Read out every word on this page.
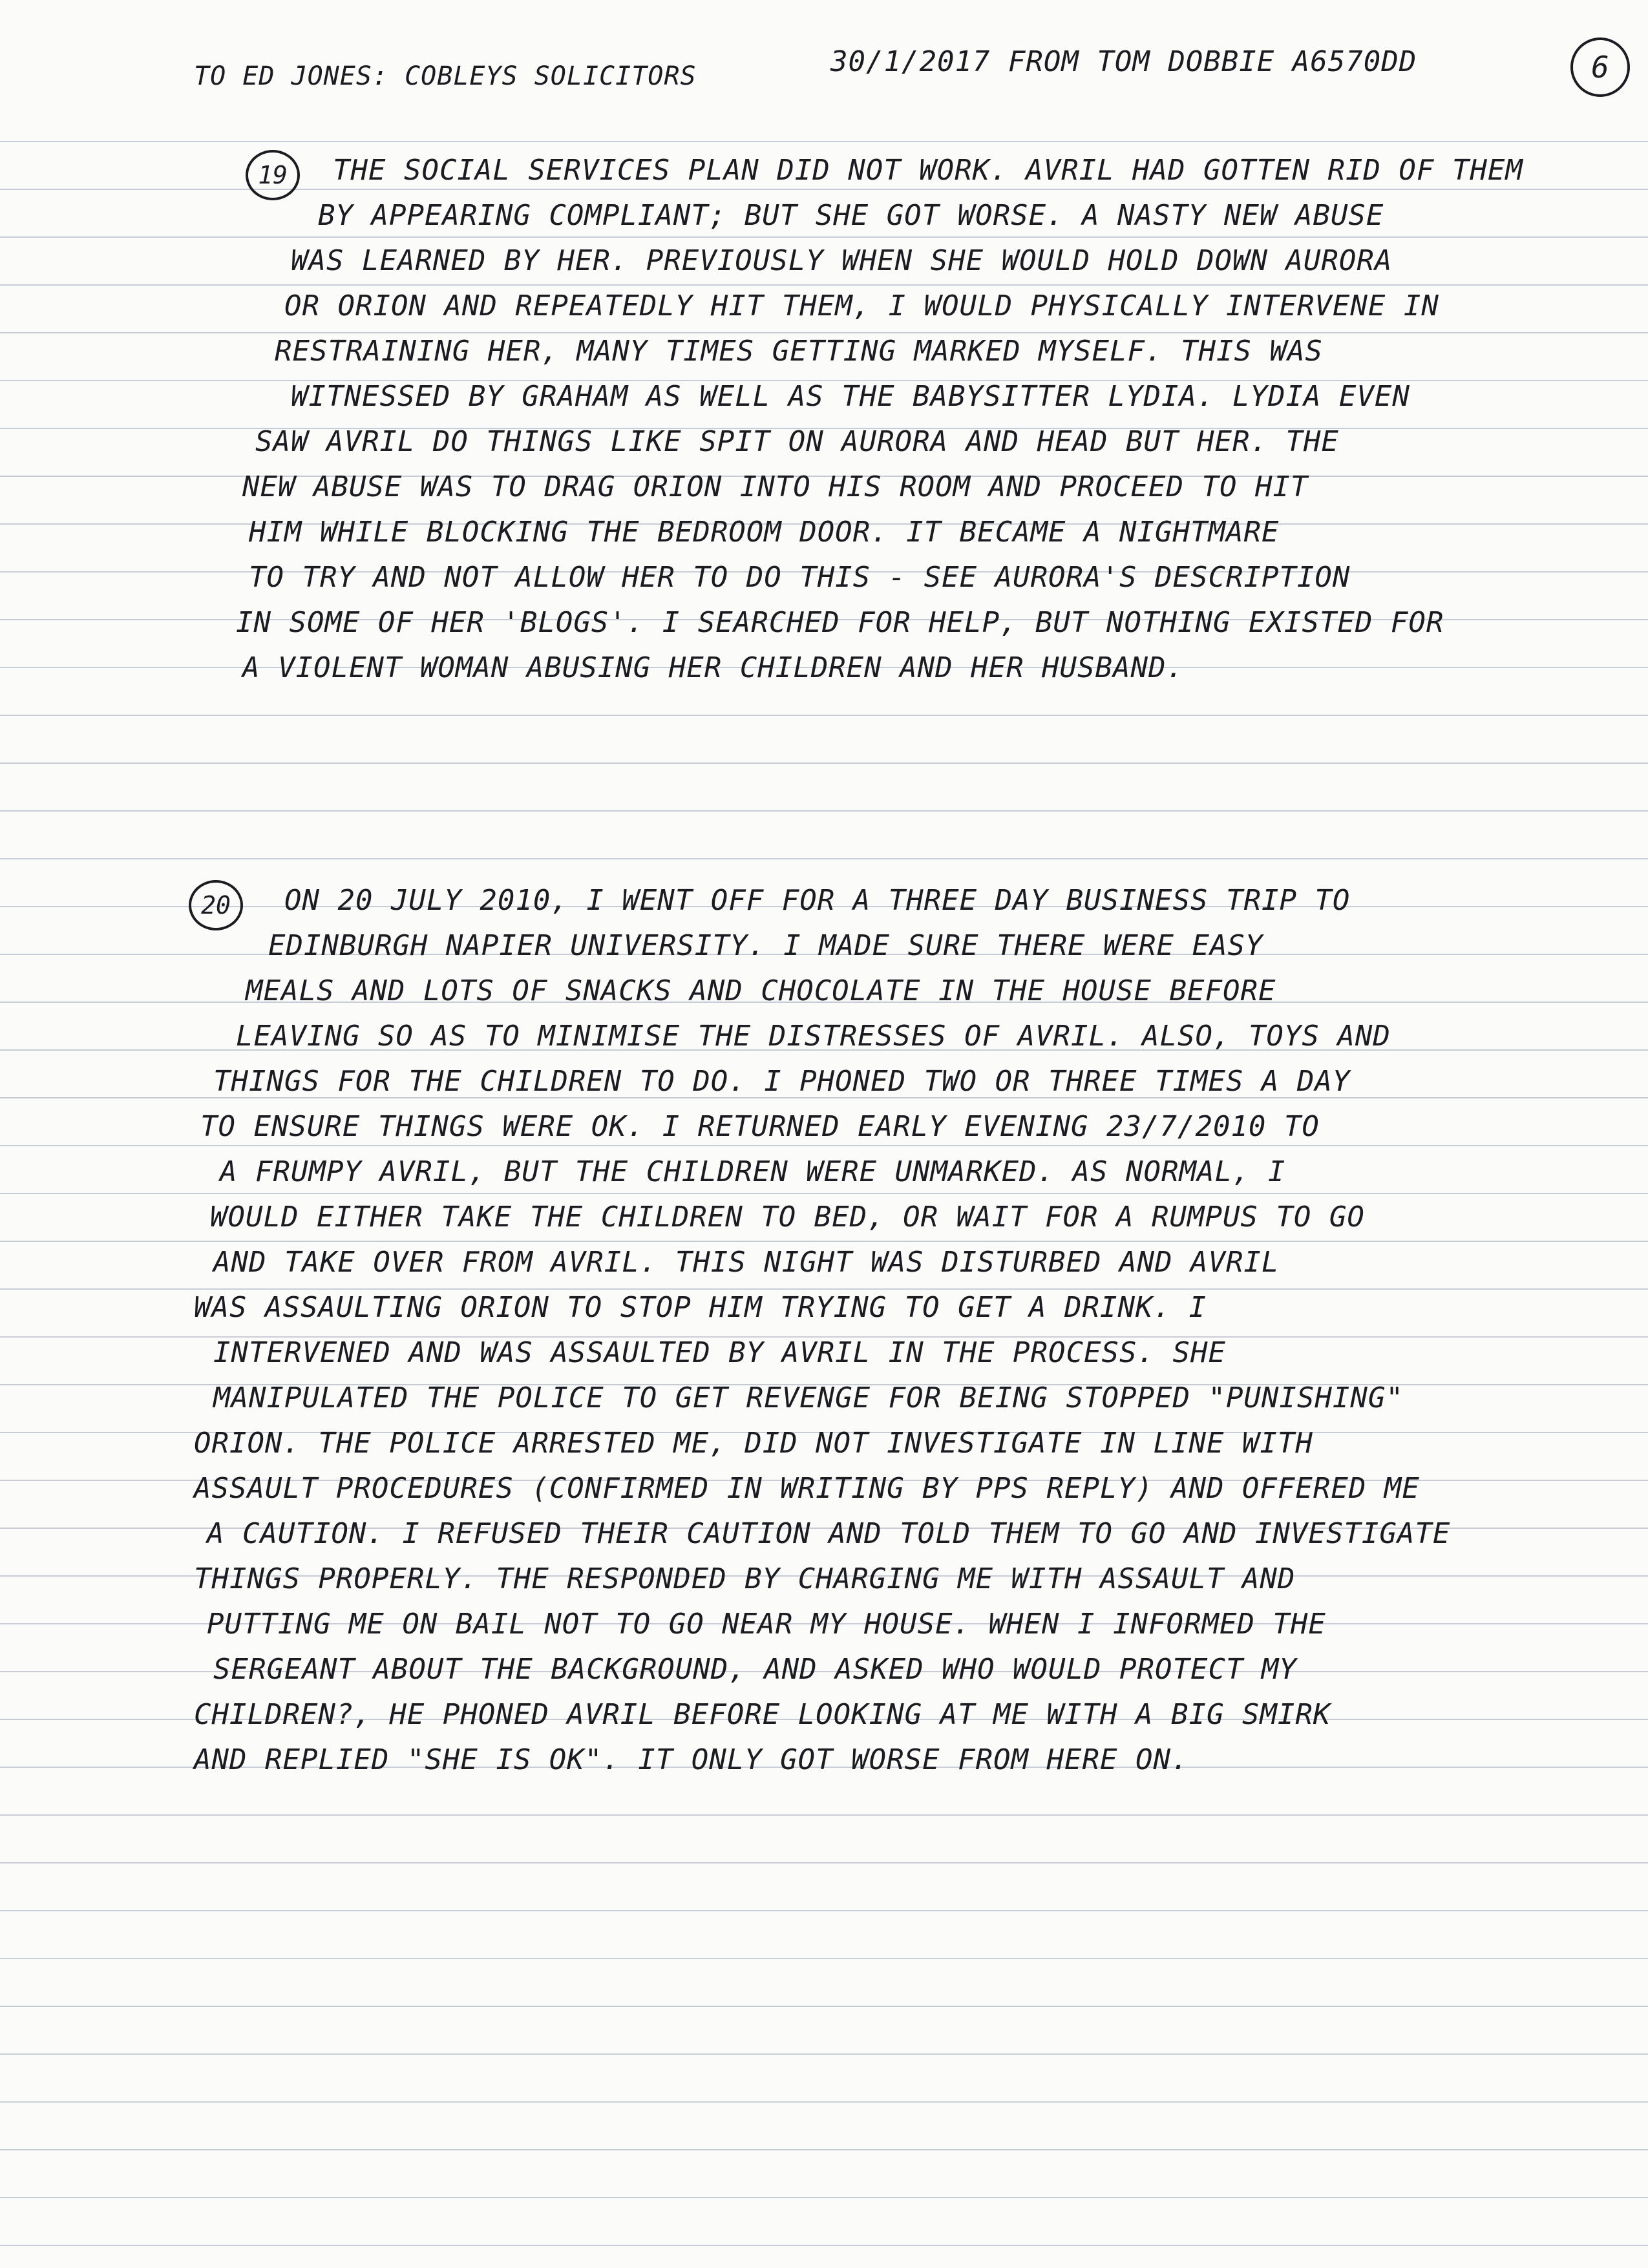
TO ED JONES: COBLEYS SOLICITORS	30/1/2017 FROM TOM DOBBIE A6570DD	6
19	THE SOCIAL SERVICES PLAN DID NOT WORK. AVRIL HAD GOTTEN RID OF THEM
BY APPEARING COMPLIANT; BUT SHE GOT WORSE. A NASTY NEW ABUSE
WAS LEARNED BY HER. PREVIOUSLY WHEN SHE WOULD HOLD DOWN AURORA
OR ORION AND REPEATEDLY HIT THEM, I WOULD PHYSICALLY INTERVENE IN
RESTRAINING HER, MANY TIMES GETTING MARKED MYSELF. THIS WAS
WITNESSED BY GRAHAM AS WELL AS THE BABYSITTER LYDIA. LYDIA EVEN
SAW AVRIL DO THINGS LIKE SPIT ON AURORA AND HEAD BUT HER. THE
NEW ABUSE WAS TO DRAG ORION INTO HIS ROOM AND PROCEED TO HIT
HIM WHILE BLOCKING THE BEDROOM DOOR. IT BECAME A NIGHTMARE
TO TRY AND NOT ALLOW HER TO DO THIS - SEE AURORA'S DESCRIPTION
IN SOME OF HER 'BLOGS'. I SEARCHED FOR HELP, BUT NOTHING EXISTED FOR
A VIOLENT WOMAN ABUSING HER CHILDREN AND HER HUSBAND.
20	ON 20 JULY 2010, I WENT OFF FOR A THREE DAY BUSINESS TRIP TO
EDINBURGH NAPIER UNIVERSITY. I MADE SURE THERE WERE EASY
MEALS AND LOTS OF SNACKS AND CHOCOLATE IN THE HOUSE BEFORE
LEAVING SO AS TO MINIMISE THE DISTRESSES OF AVRIL. ALSO, TOYS AND
THINGS FOR THE CHILDREN TO DO. I PHONED TWO OR THREE TIMES A DAY
TO ENSURE THINGS WERE OK. I RETURNED EARLY EVENING 23/7/2010 TO
A FRUMPY AVRIL, BUT THE CHILDREN WERE UNMARKED. AS NORMAL, I
WOULD EITHER TAKE THE CHILDREN TO BED, OR WAIT FOR A RUMPUS TO GO
AND TAKE OVER FROM AVRIL. THIS NIGHT WAS DISTURBED AND AVRIL
WAS ASSAULTING ORION TO STOP HIM TRYING TO GET A DRINK. I
INTERVENED AND WAS ASSAULTED BY AVRIL IN THE PROCESS. SHE
MANIPULATED THE POLICE TO GET REVENGE FOR BEING STOPPED "PUNISHING"
ORION. THE POLICE ARRESTED ME, DID NOT INVESTIGATE IN LINE WITH
ASSAULT PROCEDURES (CONFIRMED IN WRITING BY PPS REPLY) AND OFFERED ME
A CAUTION. I REFUSED THEIR CAUTION AND TOLD THEM TO GO AND INVESTIGATE
THINGS PROPERLY. THE RESPONDED BY CHARGING ME WITH ASSAULT AND
PUTTING ME ON BAIL NOT TO GO NEAR MY HOUSE. WHEN I INFORMED THE
SERGEANT ABOUT THE BACKGROUND, AND ASKED WHO WOULD PROTECT MY
CHILDREN?, HE PHONED AVRIL BEFORE LOOKING AT ME WITH A BIG SMIRK
AND REPLIED "SHE IS OK". IT ONLY GOT WORSE FROM HERE ON.
